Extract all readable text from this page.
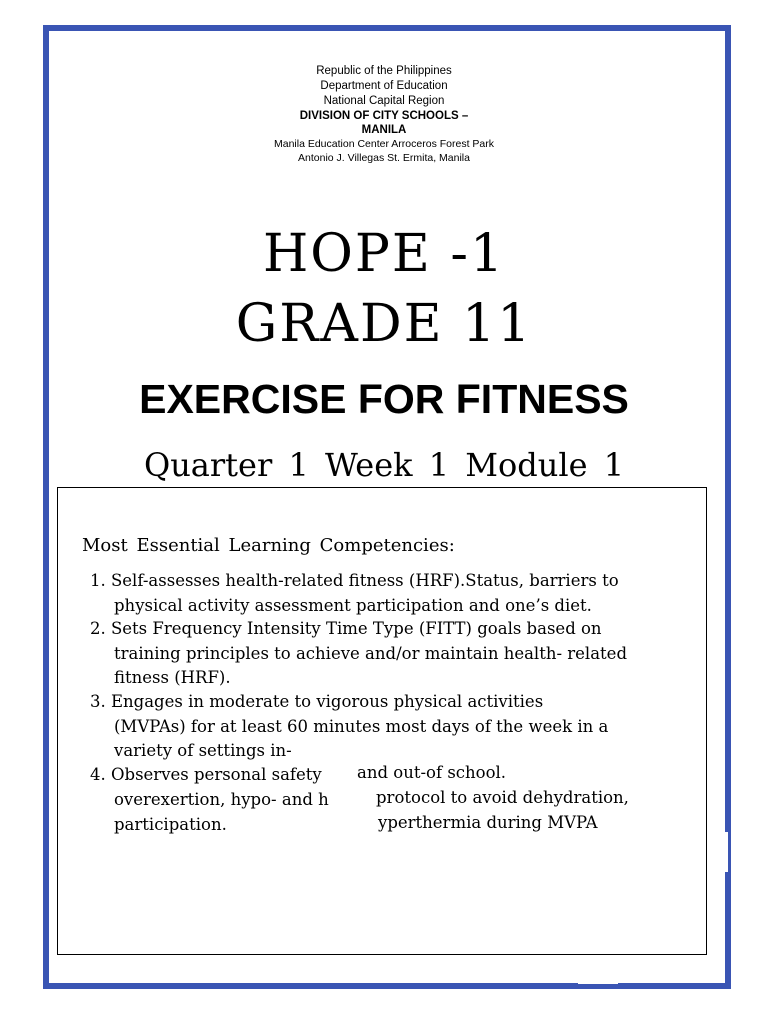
Republic of the Philippines
Department of Education
National Capital Region
DIVISION OF CITY SCHOOLS –
MANILA
Manila Education Center Arroceros Forest Park
Antonio J. Villegas St. Ermita, Manila
HOPE -1
GRADE 11
EXERCISE FOR FITNESS
Quarter 1 Week 1 Module 1
Most Essential Learning Competencies:
1. Self-assesses health-related fitness (HRF).Status, barriers to
physical activity assessment participation and one’s diet.
2. Sets Frequency Intensity Time Type (FITT) goals based on
training principles to achieve and/or maintain health- related
fitness (HRF).
3. Engages in moderate to vigorous physical activities
(MVPAs) for at least 60 minutes most days of the week in a
variety of settings in-
and out-of school.
4. Observes personal safety
protocol to avoid dehydration,
overexertion, hypo- and h
yperthermia during MVPA
participation.
